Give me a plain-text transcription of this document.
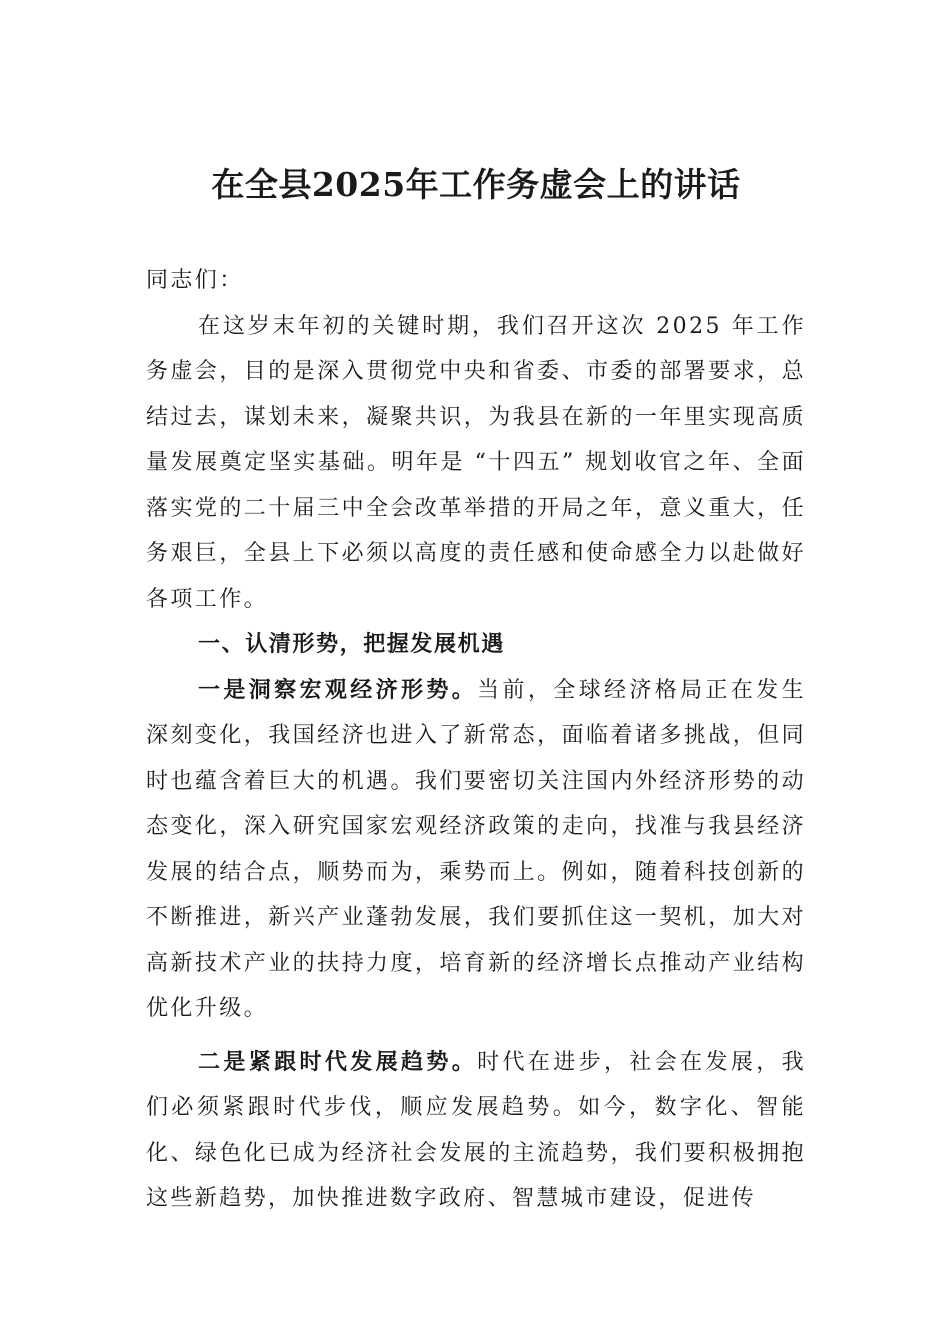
在全县2025年工作务虚会上的讲话

同志们：

在这岁末年初的关键时期，我们召开这次 2025 年工作务虚会，目的是深入贯彻党中央和省委、市委的部署要求，总结过去，谋划未来，凝聚共识，为我县在新的一年里实现高质量发展奠定坚实基础。明年是 “十四五” 规划收官之年、全面落实党的二十届三中全会改革举措的开局之年，意义重大，任务艰巨，全县上下必须以高度的责任感和使命感全力以赴做好各项工作。

一、认清形势，把握发展机遇

一是洞察宏观经济形势。当前，全球经济格局正在发生深刻变化，我国经济也进入了新常态，面临着诸多挑战，但同时也蕴含着巨大的机遇。我们要密切关注国内外经济形势的动态变化，深入研究国家宏观经济政策的走向，找准与我县经济发展的结合点，顺势而为，乘势而上。例如，随着科技创新的不断推进，新兴产业蓬勃发展，我们要抓住这一契机，加大对高新技术产业的扶持力度，培育新的经济增长点推动产业结构优化升级。

二是紧跟时代发展趋势。时代在进步，社会在发展，我们必须紧跟时代步伐，顺应发展趋势。如今，数字化、智能化、绿色化已成为经济社会发展的主流趋势，我们要积极拥抱这些新趋势，加快推进数字政府、智慧城市建设，促进传
